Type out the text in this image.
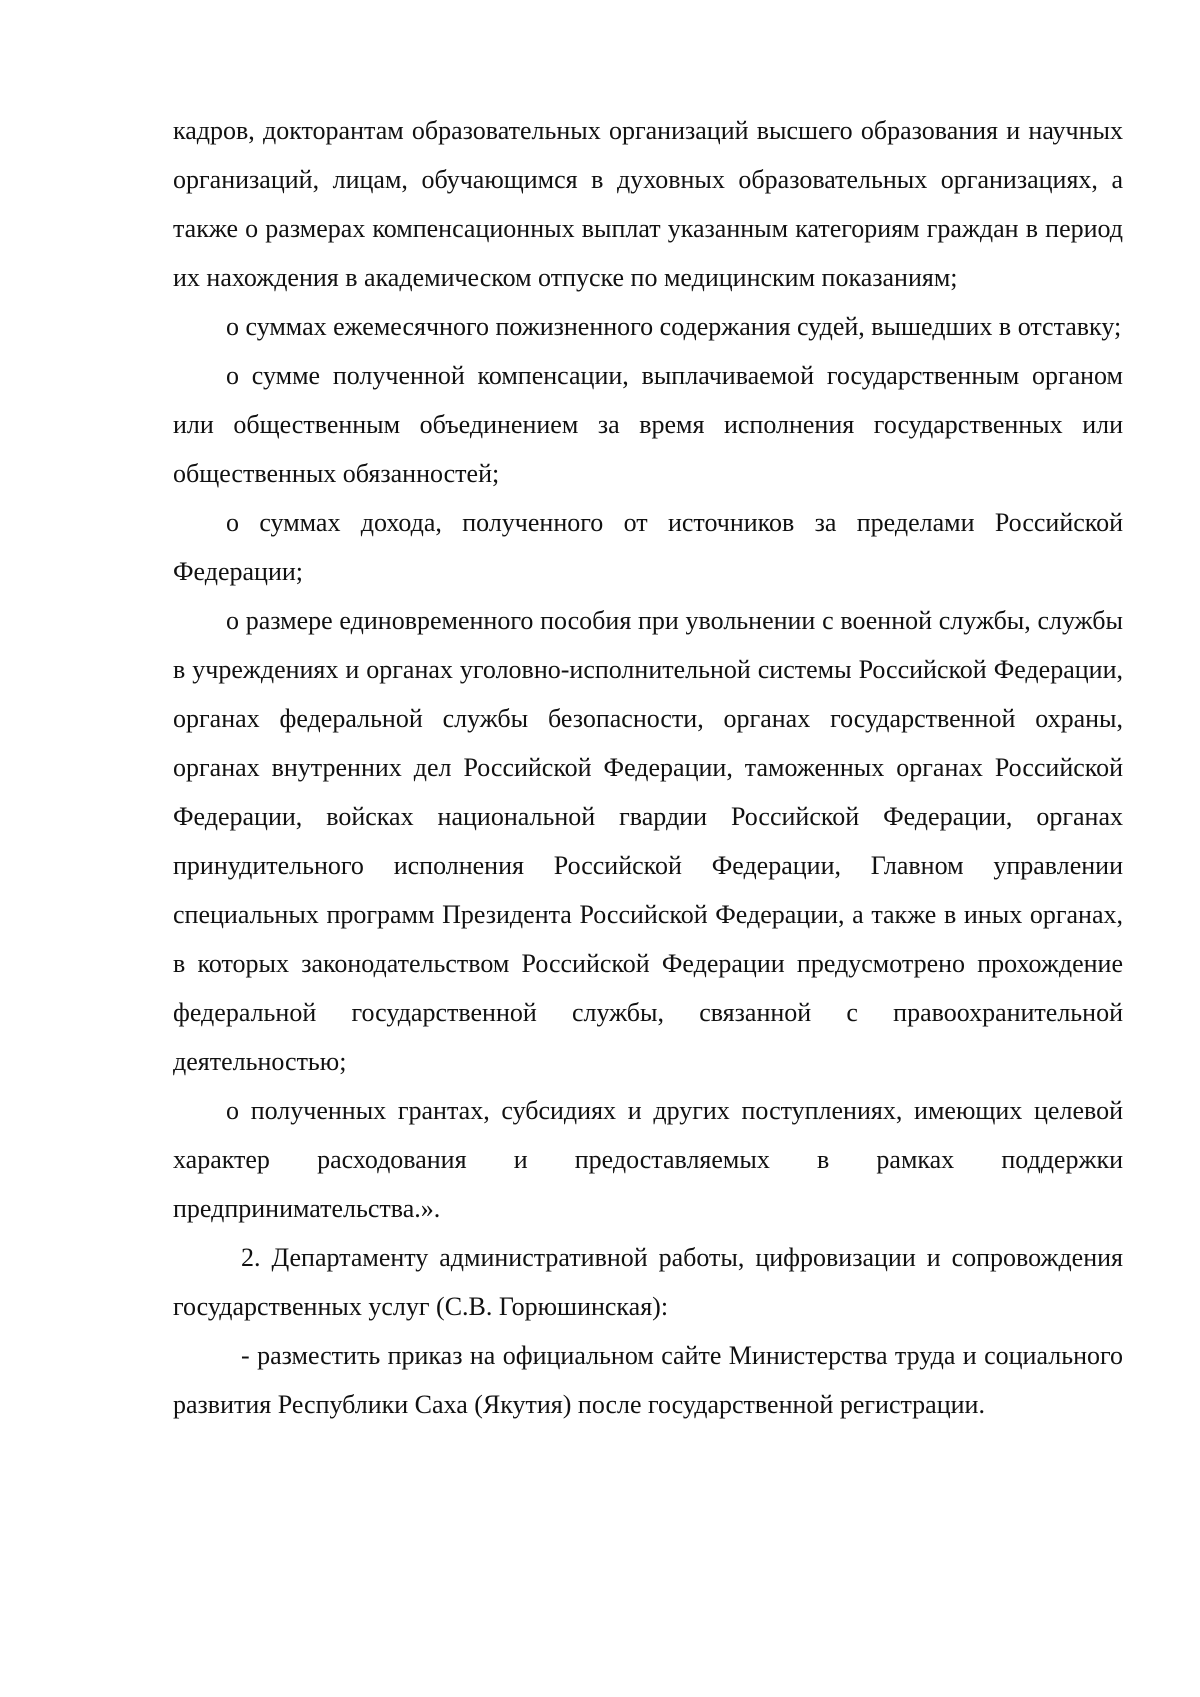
кадров, докторантам образовательных организаций высшего образования и научных организаций, лицам, обучающимся в духовных образовательных организациях, а также о размерах компенсационных выплат указанным категориям граждан в период их нахождения в академическом отпуске по медицинским показаниям;

о суммах ежемесячного пожизненного содержания судей, вышедших в отставку;

о сумме полученной компенсации, выплачиваемой государственным органом или общественным объединением за время исполнения государственных или общественных обязанностей;

о суммах дохода, полученного от источников за пределами Российской Федерации;

о размере единовременного пособия при увольнении с военной службы, службы в учреждениях и органах уголовно-исполнительной системы Российской Федерации, органах федеральной службы безопасности, органах государственной охраны, органах внутренних дел Российской Федерации, таможенных органах Российской Федерации, войсках национальной гвардии Российской Федерации, органах принудительного исполнения Российской Федерации, Главном управлении специальных программ Президента Российской Федерации, а также в иных органах, в которых законодательством Российской Федерации предусмотрено прохождение федеральной государственной службы, связанной с правоохранительной деятельностью;

о полученных грантах, субсидиях и других поступлениях, имеющих целевой характер расходования и предоставляемых в рамках поддержки предпринимательства.».

2. Департаменту административной работы, цифровизации и сопровождения государственных услуг (С.В. Горюшинская):

- разместить приказ на официальном сайте Министерства труда и социального развития Республики Саха (Якутия) после государственной регистрации.
